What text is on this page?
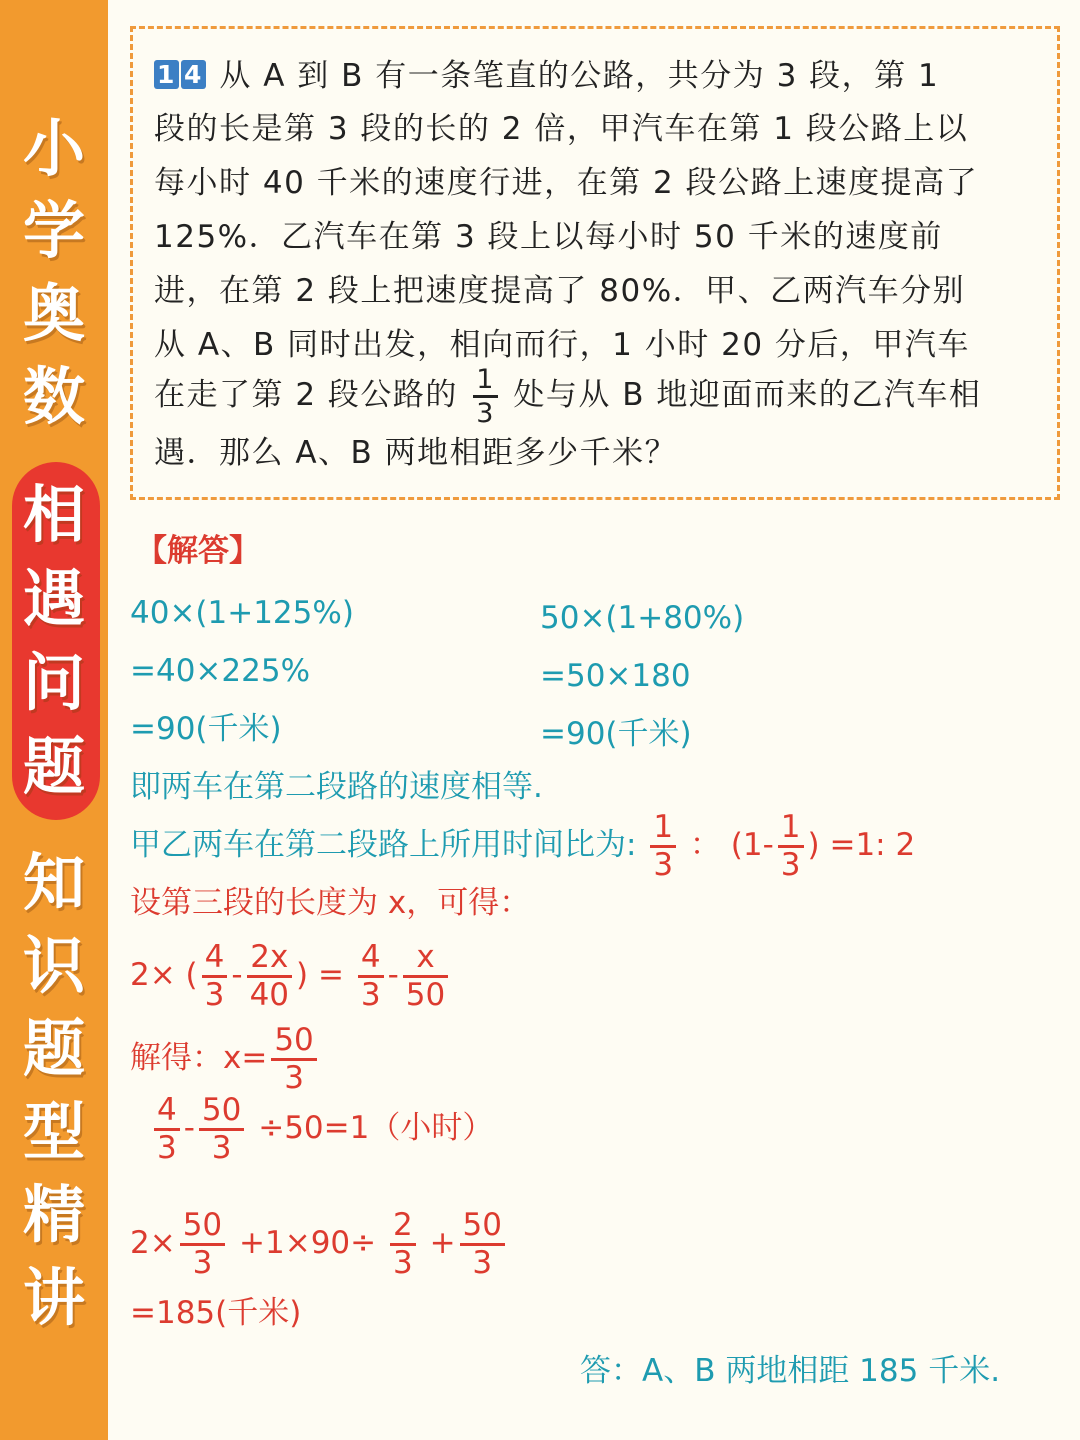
小
学
奥
数
相
遇
问
题
知
识
题
型
精
讲
1 4 从 A 到 B 有一条笔直的公路，共分为 3 段，第 1
段的长是第 3 段的长的 2 倍，甲汽车在第 1 段公路上以
每小时 40 千米的速度行进，在第 2 段公路上速度提高了
125%．乙汽车在第 3 段上以每小时 50 千米的速度前
进，在第 2 段上把速度提高了 80%．甲、乙两汽车分别
从 A、B 同时出发，相向而行，1 小时 20 分后，甲汽车
在走了第 2 段公路的 $\frac{1}{3}$ 处与从 B 地迎面而来的乙汽车相
遇．那么 A、B 两地相距多少千米？
【解答】
40×(1+125%)
=40×225%
=90(千米)
50×(1+80%)
=50×180
=90(千米)
即两车在第二段路的速度相等.
甲乙两车在第二段路上所用时间比为: $\frac{1}{3}$ ： ($1- \frac{1}{3}$ ) =1: 2
设第三段的长度为 x，可得：
2× ( $\frac{4}{3} - \frac{2x}{40}$ ) = $\frac{4}{3} - \frac{x}{50}$
解得：$x= \frac{50}{3}$
$\frac{4}{3} - \frac{50}{3} \div 50=1$（小时）
$2\times \frac{50}{3} +1\times 90\div \frac{2}{3} + \frac{50}{3}$
=185(千米)
答：A、B 两地相距 185 千米.
